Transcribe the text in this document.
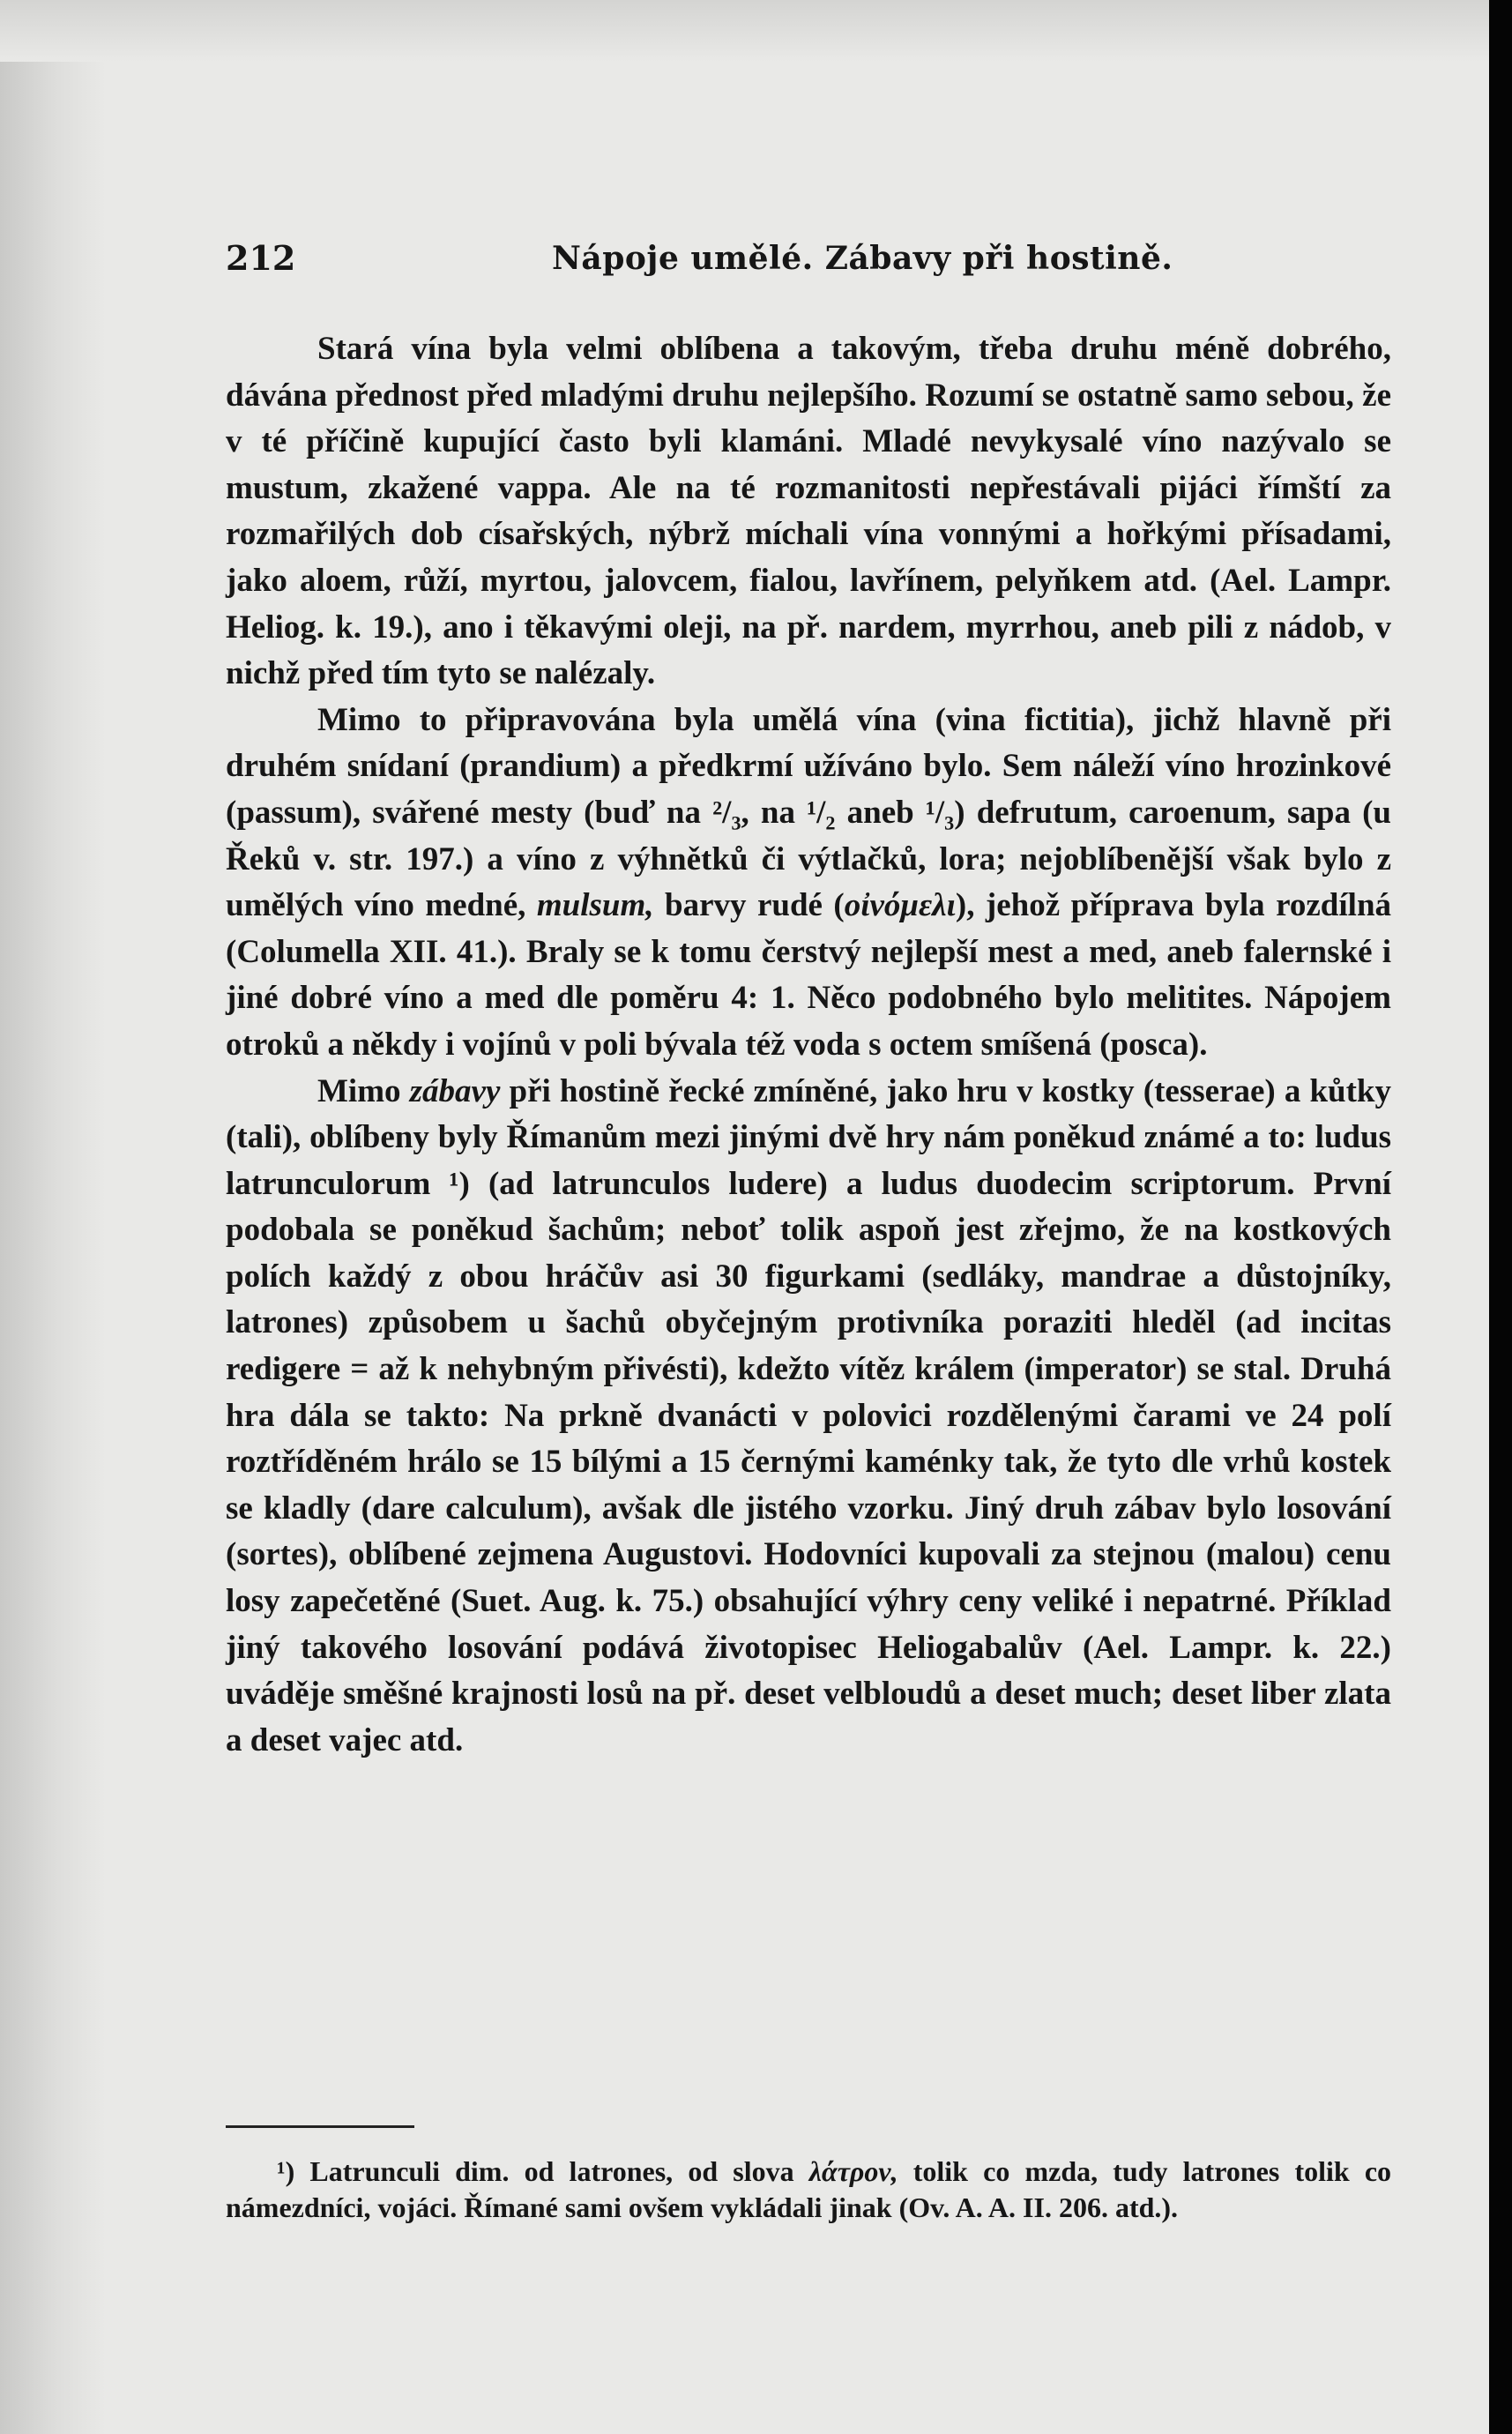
212	Nápoje umělé. Zábavy při hostině.

Stará vína byla velmi oblíbena a takovým, třeba druhu méně dobrého, dávána přednost před mladými druhu nejlepšího. Rozumí se ostatně samo sebou, že v té příčině kupující často byli klamáni. Mladé nevykysalé víno nazývalo se mustum, zkažené vappa. Ale na té rozmanitosti nepřestávali pijáci římští za rozmařilých dob císařských, nýbrž míchali vína vonnými a hořkými přísadami, jako aloem, růží, myrtou, jalovcem, fialou, lavřínem, pelyňkem atd. (Ael. Lampr. Heliog. k. 19.), ano i těkavými oleji, na př. nardem, myrrhou, aneb pili z nádob, v nichž před tím tyto se nalézaly.

Mimo to připravována byla umělá vína (vina fictitia), jichž hlavně při druhém snídaní (prandium) a předkrmí užíváno bylo. Sem náleží víno hrozinkové (passum), svářené mesty (buď na ²/₃, na ¹/₂ aneb ¹/₃) defrutum, caroenum, sapa (u Řeků v. str. 197.) a víno z výhnětků či výtlačků, lora; nejoblíbenější však bylo z umělých víno medné, mulsum, barvy rudé (οἰνόμελι), jehož příprava byla rozdílná (Columella XII. 41.). Braly se k tomu čerstvý nejlepší mest a med, aneb falernské i jiné dobré víno a med dle poměru 4: 1. Něco podobného bylo melitites. Nápojem otroků a někdy i vojínů v poli bývala též voda s octem smíšená (posca).

Mimo zábavy při hostině řecké zmíněné, jako hru v kostky (tesserae) a kůtky (tali), oblíbeny byly Římanům mezi jinými dvě hry nám poněkud známé a to: ludus latrunculorum ¹) (ad latrunculos ludere) a ludus duodecim scriptorum. První podobala se poněkud šachům; neboť tolik aspoň jest zřejmo, že na kostkových polích každý z obou hráčův asi 30 figurkami (sedláky, mandrae a důstojníky, latrones) způsobem u šachů obyčejným protivníka poraziti hleděl (ad incitas redigere = až k nehybným přivésti), kdežto vítěz králem (imperator) se stal. Druhá hra dála se takto: Na prkně dvanácti v polovici rozdělenými čarami ve 24 polí roztříděném hrálo se 15 bílými a 15 černými kaménky tak, že tyto dle vrhů kostek se kladly (dare calculum), avšak dle jistého vzorku. Jiný druh zábav bylo losování (sortes), oblíbené zejmena Augustovi. Hodovníci kupovali za stejnou (malou) cenu losy zapečetěné (Suet. Aug. k. 75.) obsahující výhry ceny veliké i nepatrné. Příklad jiný takového losování podává životopisec Heliogabalův (Ael. Lampr. k. 22.) uváděje směšné krajnosti losů na př. deset velbloudů a deset much; deset liber zlata a deset vajec atd.

¹) Latrunculi dim. od latrones, od slova λάτρον, tolik co mzda, tudy latrones tolik co námezdníci, vojáci. Římané sami ovšem vykládali jinak (Ov. A. A. II. 206. atd.).
